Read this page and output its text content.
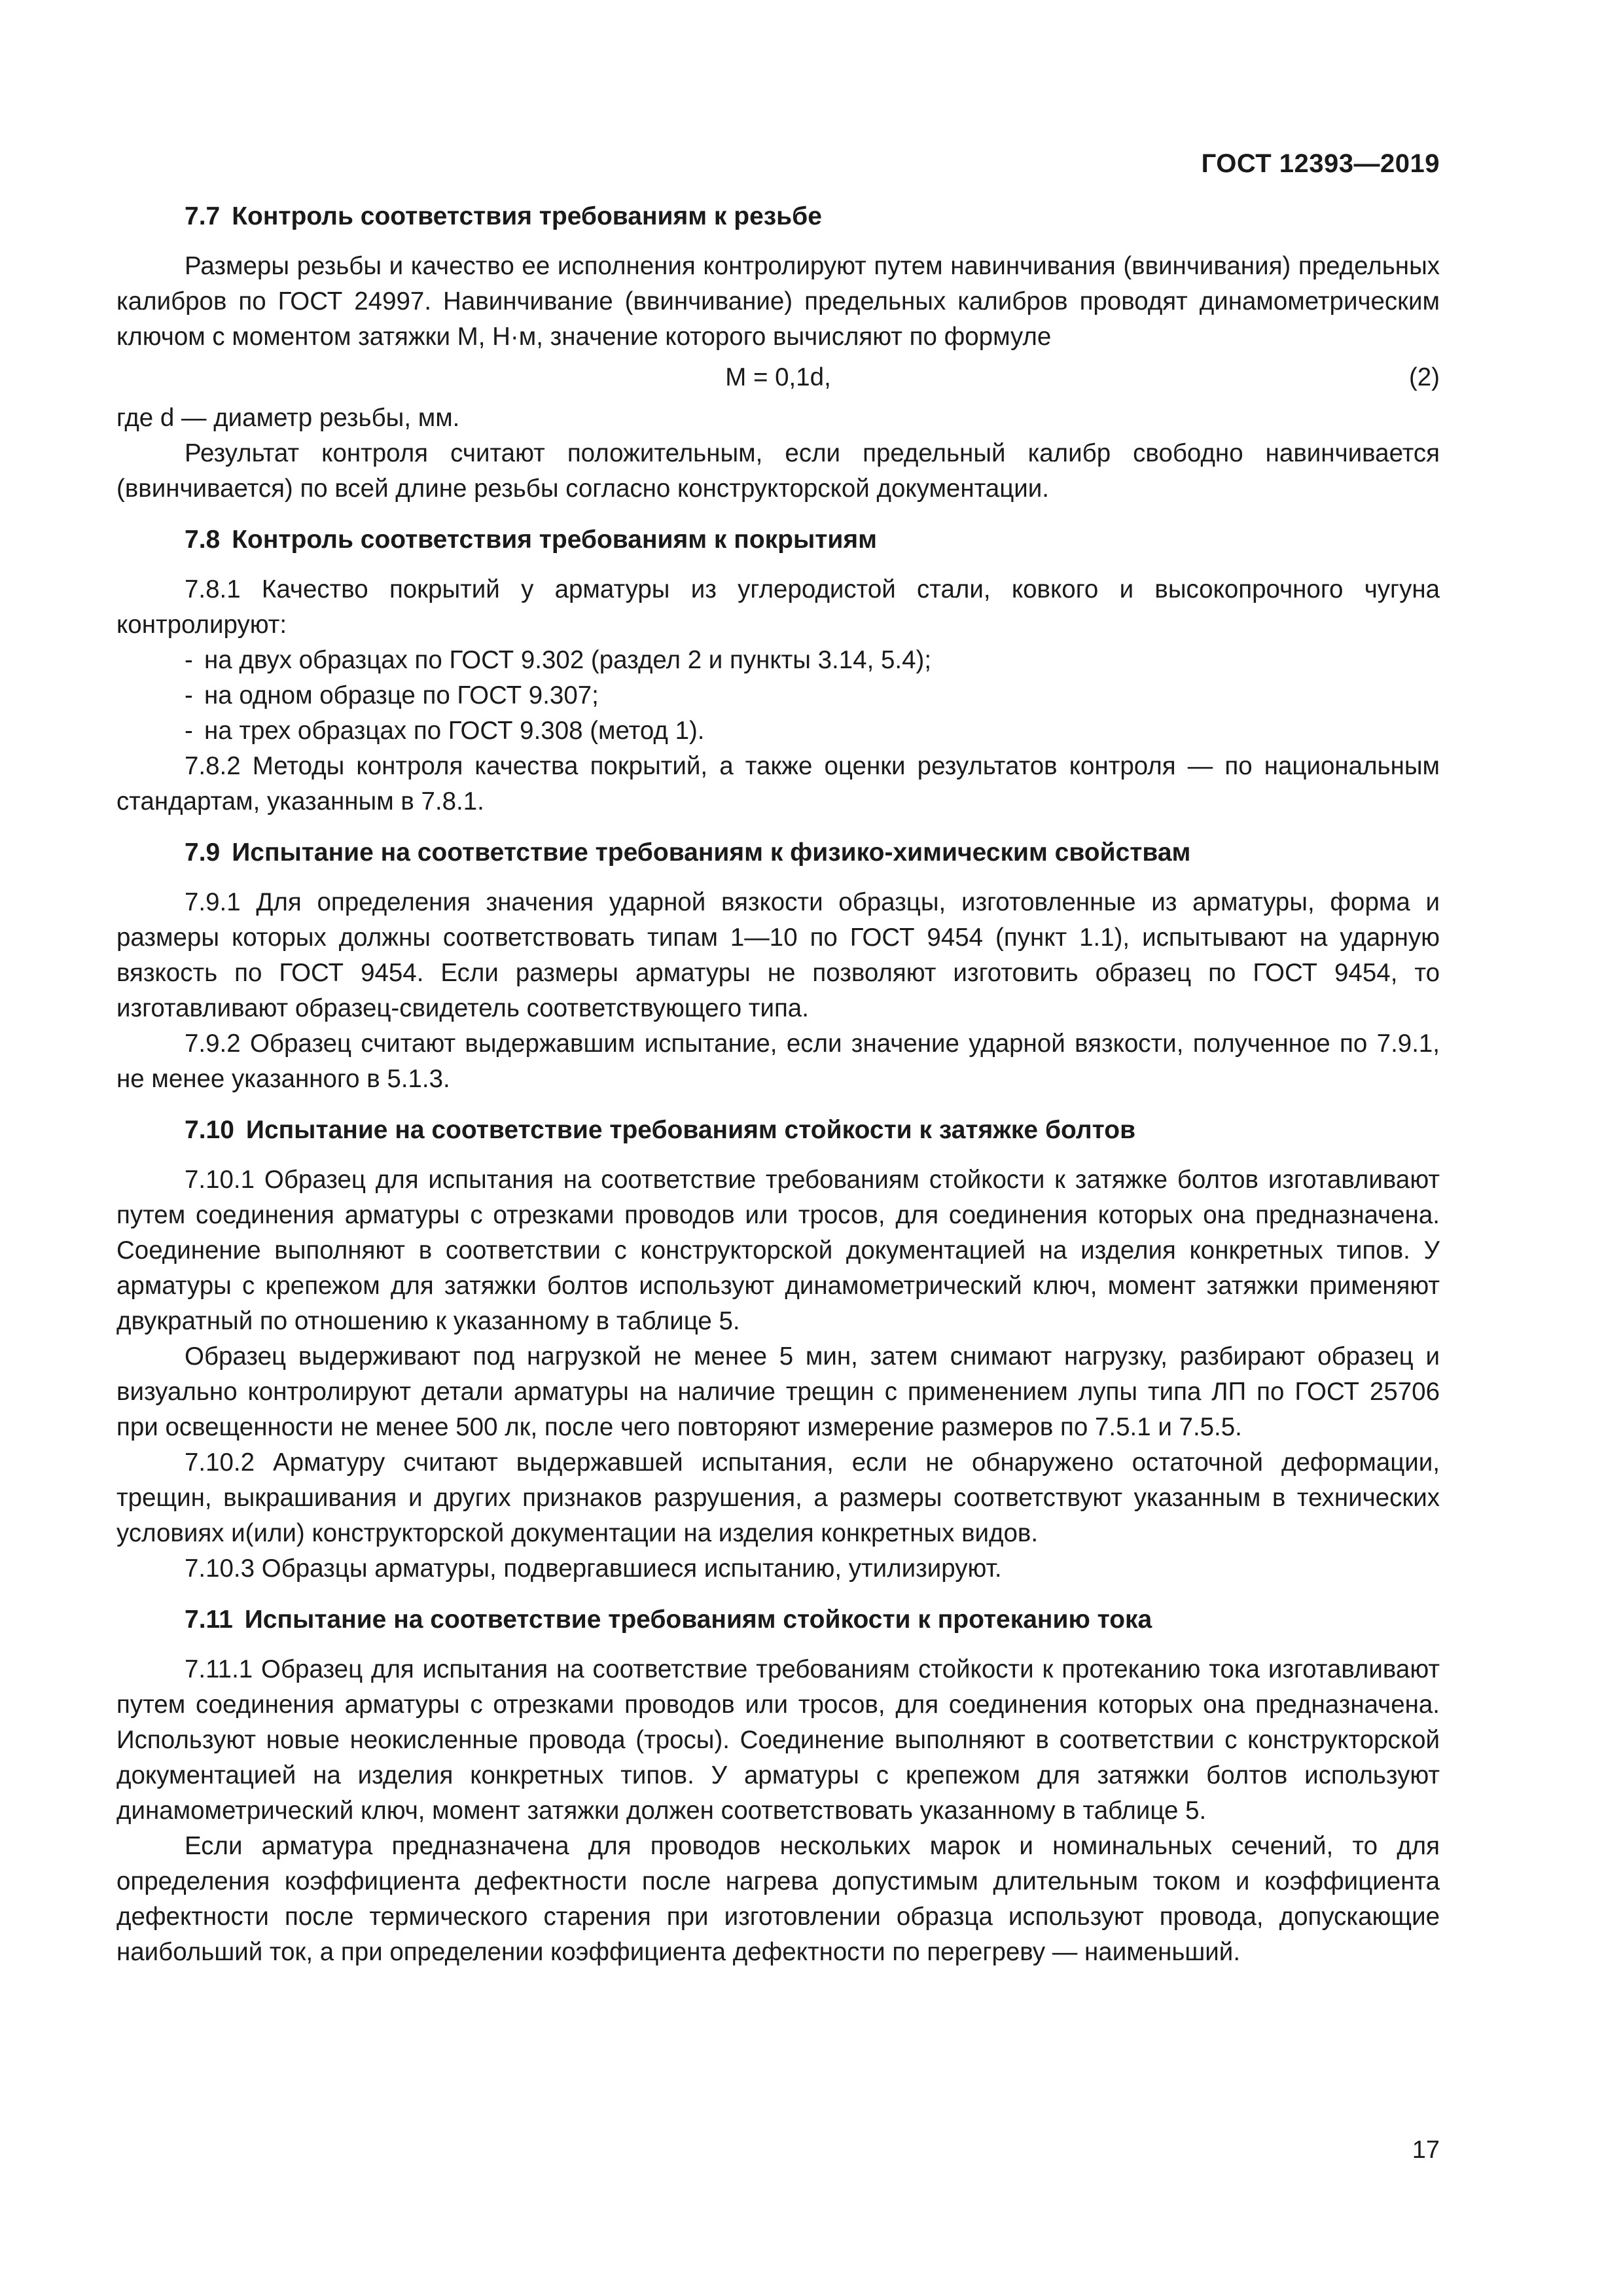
ГОСТ 12393—2019
7.7 Контроль соответствия требованиям к резьбе

Размеры резьбы и качество ее исполнения контролируют путем навинчивания (ввинчивания) предельных калибров по ГОСТ 24997. Навинчивание (ввинчивание) предельных калибров проводят динамометрическим ключом с моментом затяжки M, Н·м, значение которого вычисляют по формуле

M = 0,1d,	(2)

где d — диаметр резьбы, мм.

Результат контроля считают положительным, если предельный калибр свободно навинчивается (ввинчивается) по всей длине резьбы согласно конструкторской документации.

7.8 Контроль соответствия требованиям к покрытиям

7.8.1 Качество покрытий у арматуры из углеродистой стали, ковкого и высокопрочного чугуна контролируют:

- на двух образцах по ГОСТ 9.302 (раздел 2 и пункты 3.14, 5.4);

- на одном образце по ГОСТ 9.307;

- на трех образцах по ГОСТ 9.308 (метод 1).

7.8.2 Методы контроля качества покрытий, а также оценки результатов контроля — по национальным стандартам, указанным в 7.8.1.

7.9 Испытание на соответствие требованиям к физико-химическим свойствам

7.9.1 Для определения значения ударной вязкости образцы, изготовленные из арматуры, форма и размеры которых должны соответствовать типам 1—10 по ГОСТ 9454 (пункт 1.1), испытывают на ударную вязкость по ГОСТ 9454. Если размеры арматуры не позволяют изготовить образец по ГОСТ 9454, то изготавливают образец-свидетель соответствующего типа.

7.9.2 Образец считают выдержавшим испытание, если значение ударной вязкости, полученное по 7.9.1, не менее указанного в 5.1.3.

7.10 Испытание на соответствие требованиям стойкости к затяжке болтов

7.10.1 Образец для испытания на соответствие требованиям стойкости к затяжке болтов изготавливают путем соединения арматуры с отрезками проводов или тросов, для соединения которых она предназначена. Соединение выполняют в соответствии с конструкторской документацией на изделия конкретных типов. У арматуры с крепежом для затяжки болтов используют динамометрический ключ, момент затяжки применяют двукратный по отношению к указанному в таблице 5.

Образец выдерживают под нагрузкой не менее 5 мин, затем снимают нагрузку, разбирают образец и визуально контролируют детали арматуры на наличие трещин с применением лупы типа ЛП по ГОСТ 25706 при освещенности не менее 500 лк, после чего повторяют измерение размеров по 7.5.1 и 7.5.5.

7.10.2 Арматуру считают выдержавшей испытания, если не обнаружено остаточной деформации, трещин, выкрашивания и других признаков разрушения, а размеры соответствуют указанным в технических условиях и(или) конструкторской документации на изделия конкретных видов.

7.10.3 Образцы арматуры, подвергавшиеся испытанию, утилизируют.

7.11 Испытание на соответствие требованиям стойкости к протеканию тока

7.11.1 Образец для испытания на соответствие требованиям стойкости к протеканию тока изготавливают путем соединения арматуры с отрезками проводов или тросов, для соединения которых она предназначена. Используют новые неокисленные провода (тросы). Соединение выполняют в соответствии с конструкторской документацией на изделия конкретных типов. У арматуры с крепежом для затяжки болтов используют динамометрический ключ, момент затяжки должен соответствовать указанному в таблице 5.

Если арматура предназначена для проводов нескольких марок и номинальных сечений, то для определения коэффициента дефектности после нагрева допустимым длительным током и коэффициента дефектности после термического старения при изготовлении образца используют провода, допускающие наибольший ток, а при определении коэффициента дефектности по перегреву — наименьший.

17
